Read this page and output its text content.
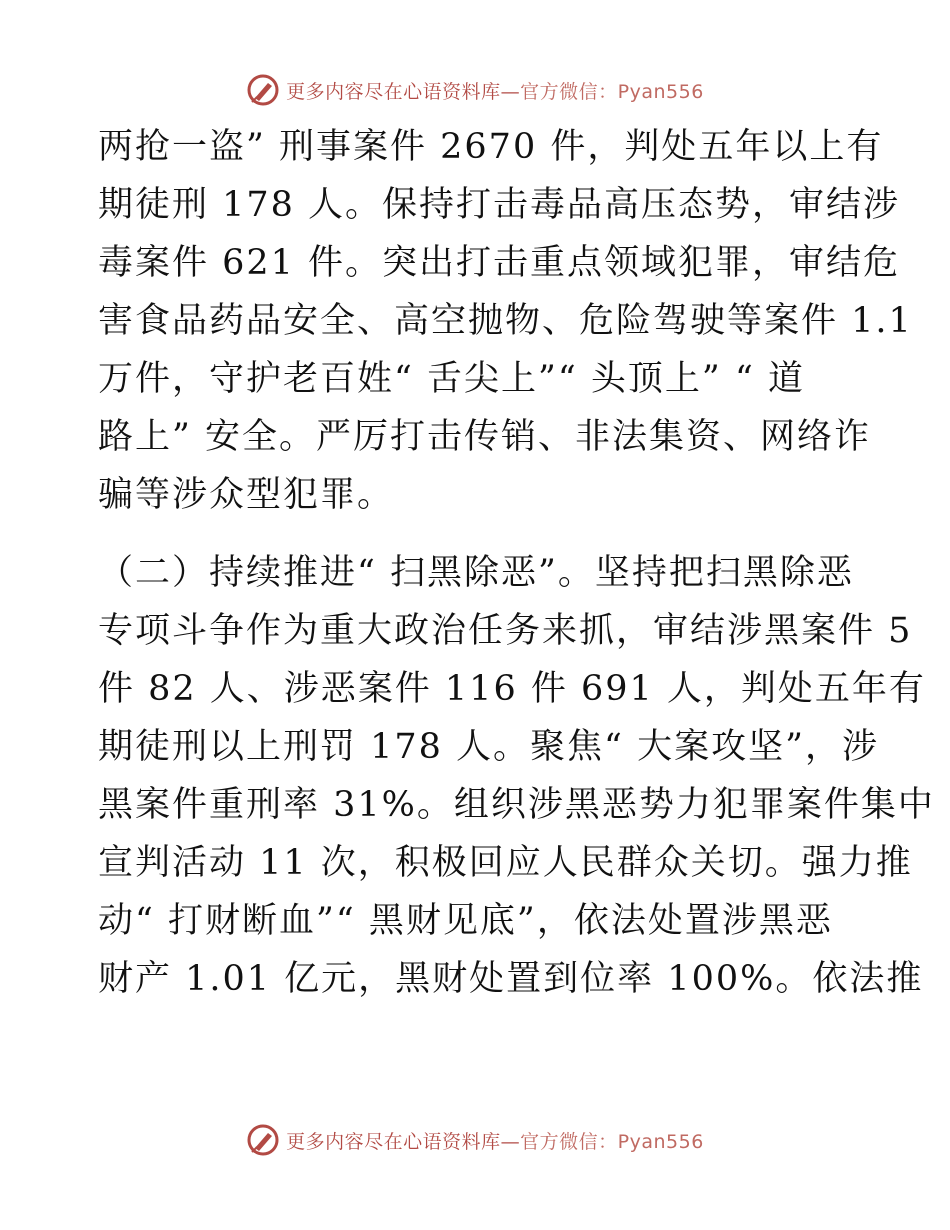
更多内容尽在心语资料库—官方微信：Pyan556
两抢一盗” 刑事案件 2670 件，判处五年以上有
期徒刑 178 人。保持打击毒品高压态势，审结涉
毒案件 621 件。突出打击重点领域犯罪，审结危
害食品药品安全、高空抛物、危险驾驶等案件 1.1
万件，守护老百姓“ 舌尖上”“ 头顶上” “ 道
路上” 安全。严厉打击传销、非法集资、网络诈
骗等涉众型犯罪。
（二）持续推进“ 扫黑除恶”。坚持把扫黑除恶
专项斗争作为重大政治任务来抓，审结涉黑案件 5
件 82 人、涉恶案件 116 件 691 人，判处五年有
期徒刑以上刑罚 178 人。聚焦“ 大案攻坚”，涉
黑案件重刑率 31%。组织涉黑恶势力犯罪案件集中
宣判活动 11 次，积极回应人民群众关切。强力推
动“ 打财断血”“ 黑财见底”，依法处置涉黑恶
财产 1.01 亿元，黑财处置到位率 100%。依法推
更多内容尽在心语资料库—官方微信：Pyan556
